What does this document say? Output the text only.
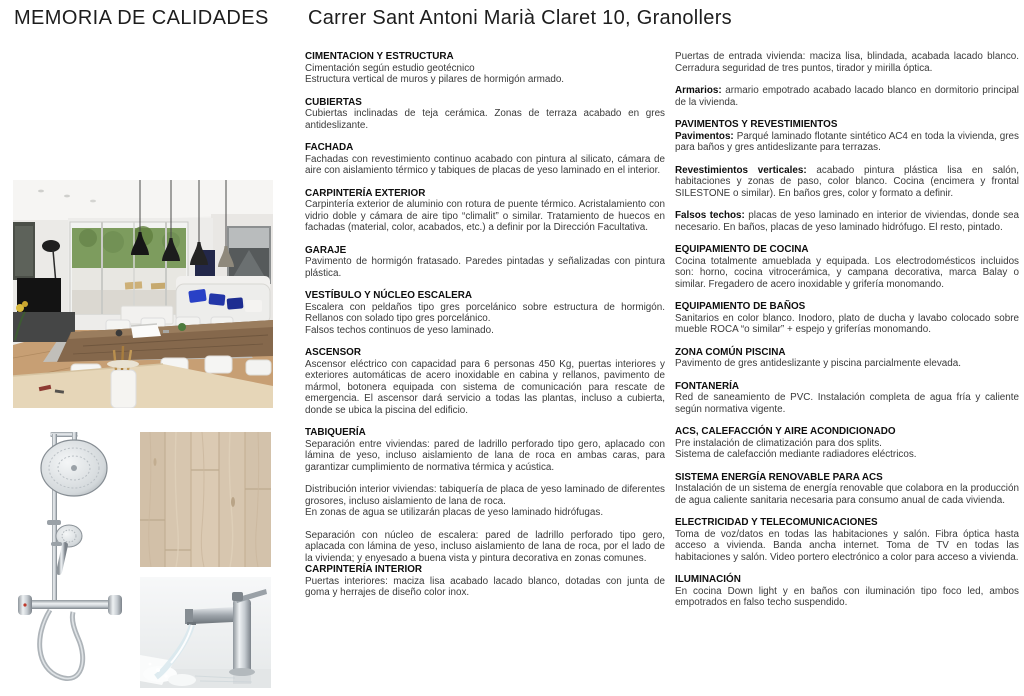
MEMORIA DE CALIDADES Carrer Sant Antoni Marià Claret 10, Granollers
CIMENTACION Y ESTRUCTURA
Cimentación según estudio geotécnico
Estructura vertical de muros y pilares de hormigón armado.
CUBIERTAS
Cubiertas inclinadas de teja cerámica. Zonas de terraza acabado en gres antideslizante.
FACHADA
Fachadas con revestimiento continuo acabado con pintura al silicato, cámara de aire con aislamiento térmico y tabiques de placas de yeso laminado en el interior.
CARPINTERÍA EXTERIOR
Carpintería exterior de aluminio con rotura de puente térmico. Acristalamiento con vidrio doble y cámara de aire tipo “climalit” o similar. Tratamiento de huecos en fachadas (material, color, acabados, etc.) a definir por la Dirección Facultativa.
GARAJE
Pavimento de hormigón fratasado. Paredes pintadas y señalizadas con pintura plástica.
VESTÍBULO Y NÚCLEO ESCALERA
Escalera con peldaños tipo gres porcelánico sobre estructura de hormigón. Rellanos con solado tipo gres porcelánico.
Falsos techos continuos de yeso laminado.
ASCENSOR
Ascensor eléctrico con capacidad para 6 personas 450 Kg, puertas interiores y exteriores automáticas de acero inoxidable en cabina y rellanos, pavimento de mármol, botonera equipada con sistema de comunicación para rescate de emergencia. El ascensor dará servicio a todas las plantas, incluso a cubierta, donde se ubica la piscina del edificio.
TABIQUERÍA
Separación entre viviendas: pared de ladrillo perforado tipo gero, aplacado con lámina de yeso, incluso aislamiento de lana de roca en ambas caras, para garantizar cumplimiento de normativa térmica y acústica.
Distribución interior viviendas: tabiquería de placa de yeso laminado de diferentes grosores, incluso aislamiento de lana de roca.
En zonas de agua se utilizarán placas de yeso laminado hidrófugas.
Separación con núcleo de escalera: pared de ladrillo perforado tipo gero, aplacada con lámina de yeso, incluso aislamiento de lana de roca, por el lado de la vivienda; y enyesado a buena vista y pintura decorativa en zonas comunes.
CARPINTERÍA INTERIOR
Puertas interiores: maciza lisa acabado lacado blanco, dotadas con junta de goma y herrajes de diseño color inox.
Puertas de entrada vivienda: maciza lisa, blindada, acabada lacado blanco. Cerradura seguridad de tres puntos, tirador y mirilla óptica.
Armarios: armario empotrado acabado lacado blanco en dormitorio principal de la vivienda.
PAVIMENTOS Y REVESTIMIENTOS
Pavimentos: Parqué laminado flotante sintético AC4 en toda la vivienda, gres para baños y gres antideslizante para terrazas.
Revestimientos verticales: acabado pintura plástica lisa en salón, habitaciones y zonas de paso, color blanco. Cocina (encimera y frontal SILESTONE o similar). En baños gres, color y formato a definir.
Falsos techos: placas de yeso laminado en interior de viviendas, donde sea necesario. En baños, placas de yeso laminado hidrófugo. El resto, pintado.
EQUIPAMIENTO DE COCINA
Cocina totalmente amueblada y equipada. Los electrodomésticos incluidos son: horno, cocina vitrocerámica, y campana decorativa, marca Balay o similar. Fregadero de acero inoxidable y grifería monomando.
EQUIPAMIENTO DE BAÑOS
Sanitarios en color blanco. Inodoro, plato de ducha y lavabo colocado sobre mueble ROCA “o similar” + espejo y griferías monomando.
ZONA COMÚN PISCINA
Pavimento de gres antideslizante y piscina parcialmente elevada.
FONTANERÍA
Red de saneamiento de PVC. Instalación completa de agua fría y caliente según normativa vigente.
ACS, CALEFACCIÓN Y AIRE ACONDICIONADO
Pre instalación de climatización para dos splits.
Sistema de calefacción mediante radiadores eléctricos.
SISTEMA ENERGÍA RENOVABLE PARA ACS
Instalación de un sistema de energía renovable que colabora en la producción de agua caliente sanitaria necesaria para consumo anual de cada vivienda.
ELECTRICIDAD Y TELECOMUNICACIONES
Toma de voz/datos en todas las habitaciones y salón. Fibra óptica hasta acceso a vivienda. Banda ancha internet. Toma de TV en todas las habitaciones y salón. Video portero electrónico a color para acceso a vivienda.
ILUMINACIÓN
En cocina Down light y en baños con iluminación tipo foco led, ambos empotrados en falso techo suspendido.
